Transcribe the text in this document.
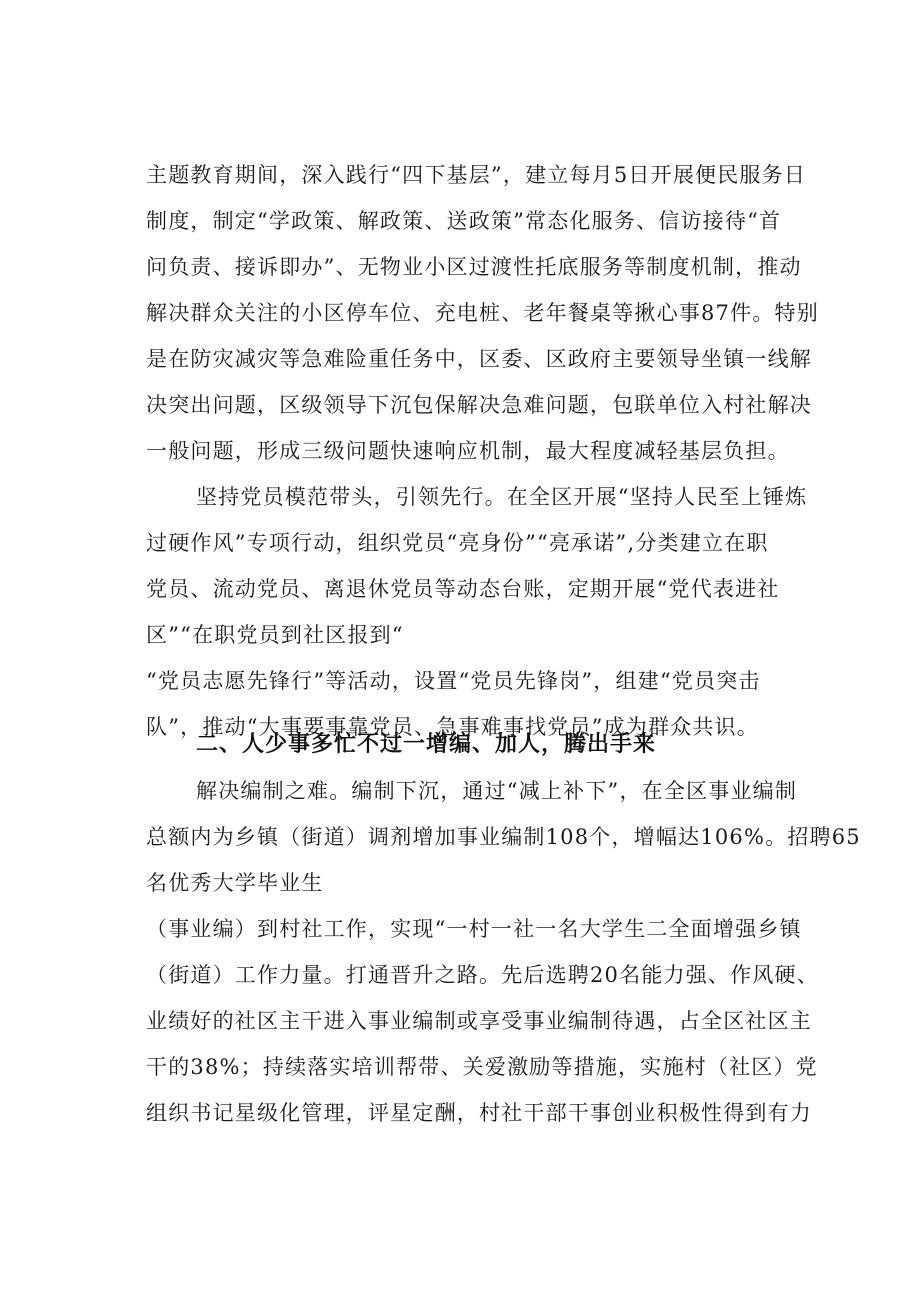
主题教育期间，深入践行“四下基层”，建立每月5日开展便民服务日
制度，制定“学政策、解政策、送政策”常态化服务、信访接待“首
问负责、接诉即办”、无物业小区过渡性托底服务等制度机制，推动
解决群众关注的小区停车位、充电桩、老年餐桌等揪心事87件。特别
是在防灾减灾等急难险重任务中，区委、区政府主要领导坐镇一线解
决突出问题，区级领导下沉包保解决急难问题，包联单位入村社解决
一般问题，形成三级问题快速响应机制，最大程度减轻基层负担。
坚持党员模范带头，引领先行。在全区开展“坚持人民至上锤炼
过硬作风”专项行动，组织党员“亮身份”“亮承诺”,分类建立在职
党员、流动党员、离退休党员等动态台账，定期开展“党代表进社
区”“在职党员到社区报到“
“党员志愿先锋行”等活动，设置“党员先锋岗”，组建“党员突击
队”，推动“大事要事靠党员、急事难事找党员”成为群众共识。
二、人少事多忙不过一增编、加人，腾出手来
解决编制之难。编制下沉，通过“减上补下”，在全区事业编制
总额内为乡镇（街道）调剂增加事业编制108个，增幅达106%。招聘65
名优秀大学毕业生
（事业编）到村社工作，实现“一村一社一名大学生二全面增强乡镇
（街道）工作力量。打通晋升之路。先后选聘20名能力强、作风硬、
业绩好的社区主干进入事业编制或享受事业编制待遇，占全区社区主
干的38%；持续落实培训帮带、关爱激励等措施，实施村（社区）党
组织书记星级化管理，评星定酬，村社干部干事创业积极性得到有力
